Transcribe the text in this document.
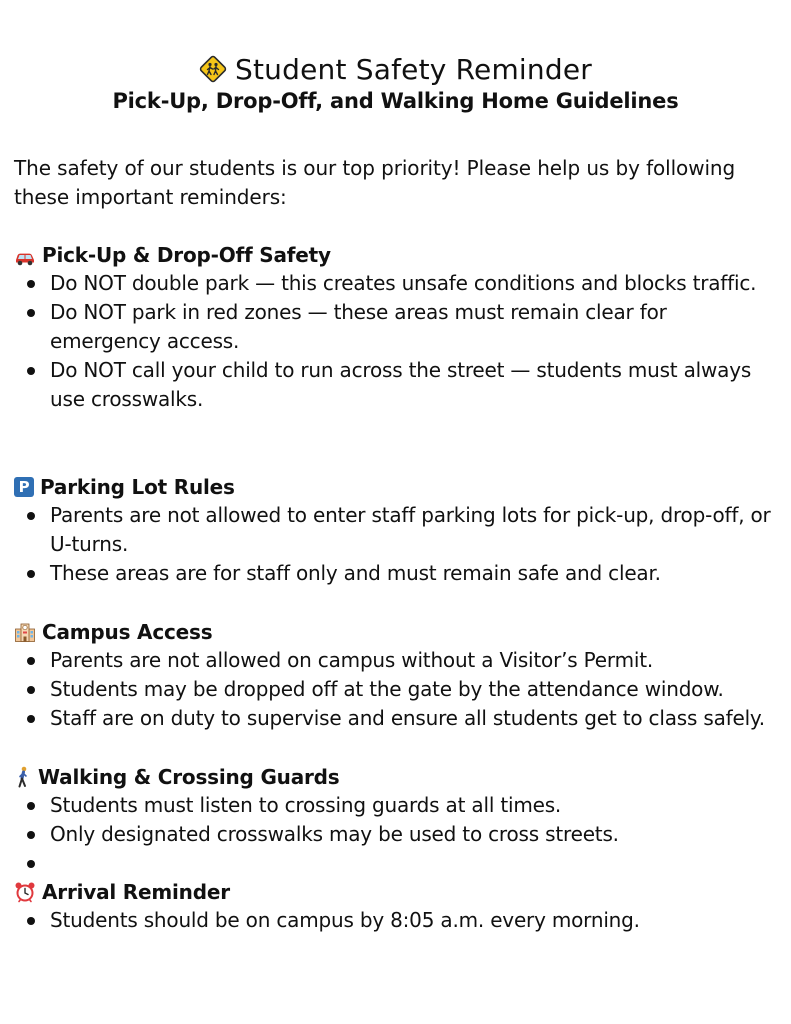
Student Safety Reminder
Pick-Up, Drop-Off, and Walking Home Guidelines
The safety of our students is our top priority! Please help us by following these important reminders:
Pick-Up & Drop-Off Safety
Do NOT double park — this creates unsafe conditions and blocks traffic.
Do NOT park in red zones — these areas must remain clear for emergency access.
Do NOT call your child to run across the street — students must always use crosswalks.
P Parking Lot Rules
Parents are not allowed to enter staff parking lots for pick-up, drop-off, or U-turns.
These areas are for staff only and must remain safe and clear.
Campus Access
Parents are not allowed on campus without a Visitor’s Permit.
Students may be dropped off at the gate by the attendance window.
Staff are on duty to supervise and ensure all students get to class safely.
Walking & Crossing Guards
Students must listen to crossing guards at all times.
Only designated crosswalks may be used to cross streets.
Arrival Reminder
Students should be on campus by 8:05 a.m. every morning.
